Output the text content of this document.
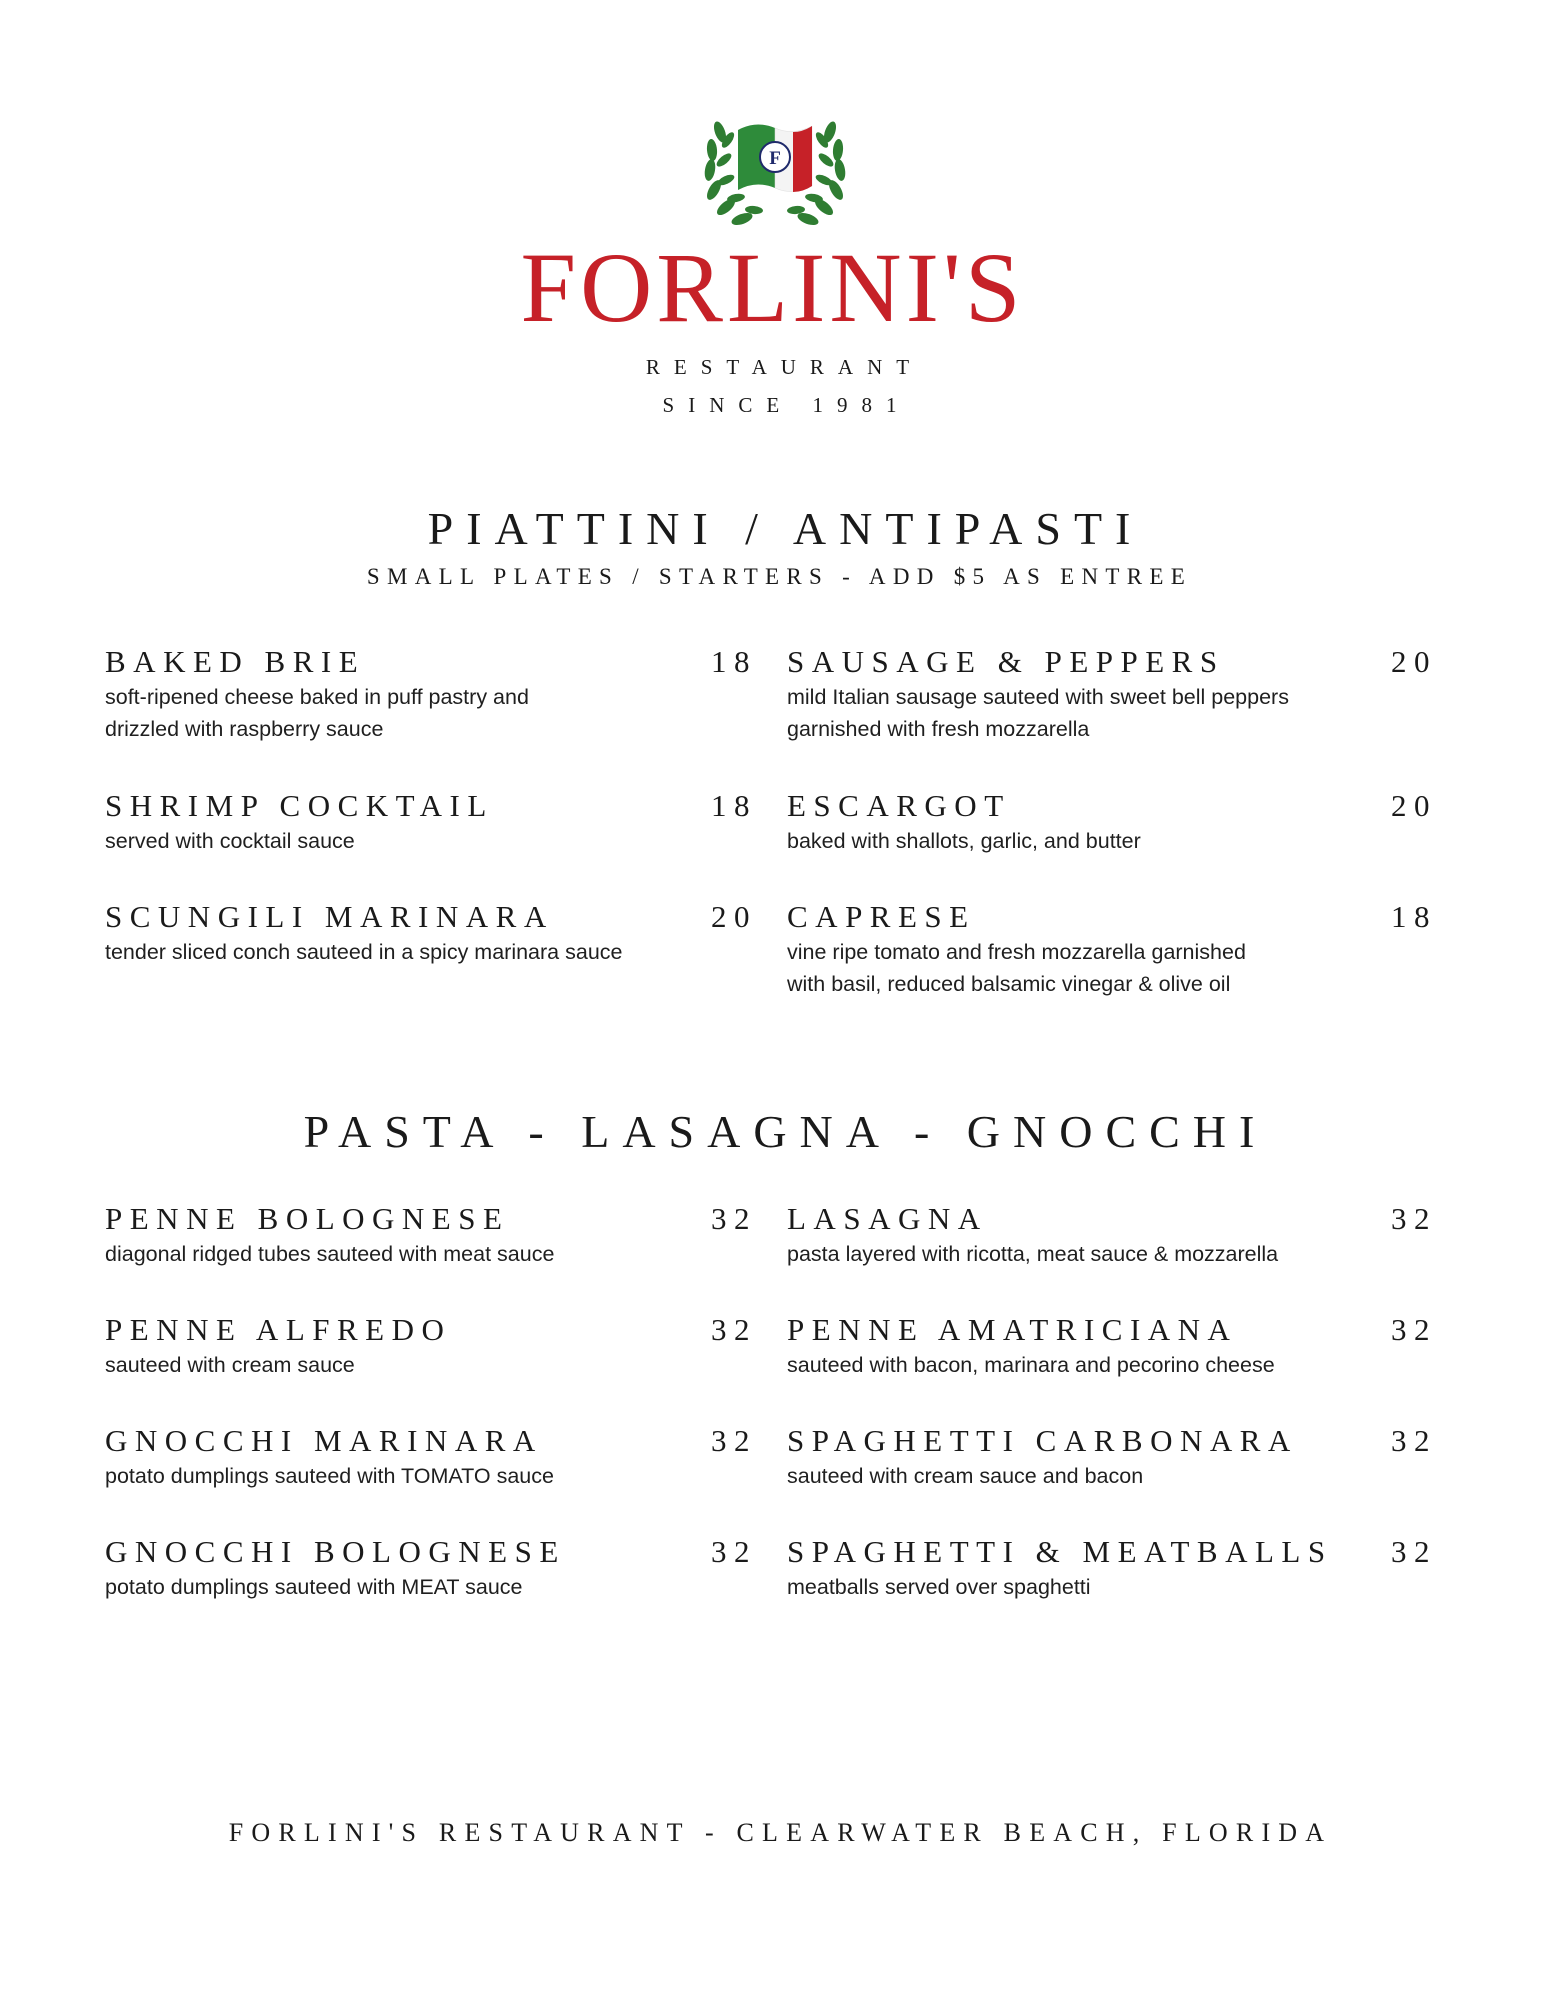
F
FORLINI'S
RESTAURANT
SINCE 1981
PIATTINI / ANTIPASTI
SMALL PLATES / STARTERS - ADD $5 AS ENTREE
BAKED BRIE	18
soft-ripened cheese baked in puff pastry and
drizzled with raspberry sauce
SAUSAGE & PEPPERS	20
mild Italian sausage sauteed with sweet bell peppers
garnished with fresh mozzarella
SHRIMP COCKTAIL	18
served with cocktail sauce
ESCARGOT	20
baked with shallots, garlic, and butter
SCUNGILI MARINARA	20
tender sliced conch sauteed in a spicy marinara sauce
CAPRESE	18
vine ripe tomato and fresh mozzarella garnished
with basil, reduced balsamic vinegar & olive oil
PASTA - LASAGNA - GNOCCHI
PENNE BOLOGNESE	32
diagonal ridged tubes sauteed with meat sauce
LASAGNA	32
pasta layered with ricotta, meat sauce & mozzarella
PENNE ALFREDO	32
sauteed with cream sauce
PENNE AMATRICIANA	32
sauteed with bacon, marinara and pecorino cheese
GNOCCHI MARINARA	32
potato dumplings sauteed with TOMATO sauce
SPAGHETTI CARBONARA	32
sauteed with cream sauce and bacon
GNOCCHI BOLOGNESE	32
potato dumplings sauteed with MEAT sauce
SPAGHETTI & MEATBALLS 32
meatballs served over spaghetti
FORLINI'S RESTAURANT - CLEARWATER BEACH, FLORIDA
